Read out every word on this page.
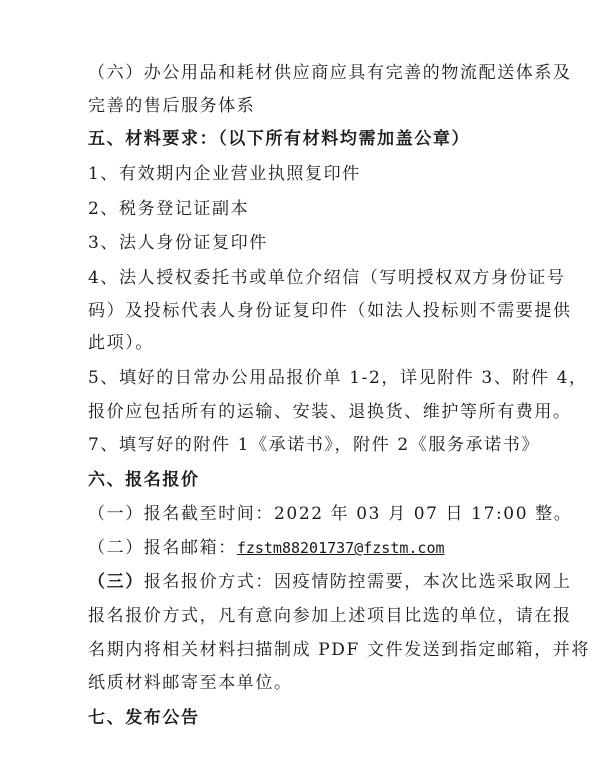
（六）办公用品和耗材供应商应具有完善的物流配送体系及
完善的售后服务体系
五、材料要求：（以下所有材料均需加盖公章）
1、有效期内企业营业执照复印件
2、税务登记证副本
3、法人身份证复印件
4、法人授权委托书或单位介绍信（写明授权双方身份证号
码）及投标代表人身份证复印件（如法人投标则不需要提供
此项）。
5、填好的日常办公用品报价单 1-2，详见附件 3、附件 4，
报价应包括所有的运输、安装、退换货、维护等所有费用。
7、填写好的附件 1《承诺书》，附件 2《服务承诺书》
六、报名报价
（一）报名截至时间：2022 年 03 月 07 日 17:00 整。
（二）报名邮箱：fzstm88201737@fzstm.com
（三）报名报价方式：因疫情防控需要，本次比选采取网上
报名报价方式，凡有意向参加上述项目比选的单位，请在报
名期内将相关材料扫描制成 PDF 文件发送到指定邮箱，并将
纸质材料邮寄至本单位。
七、发布公告
